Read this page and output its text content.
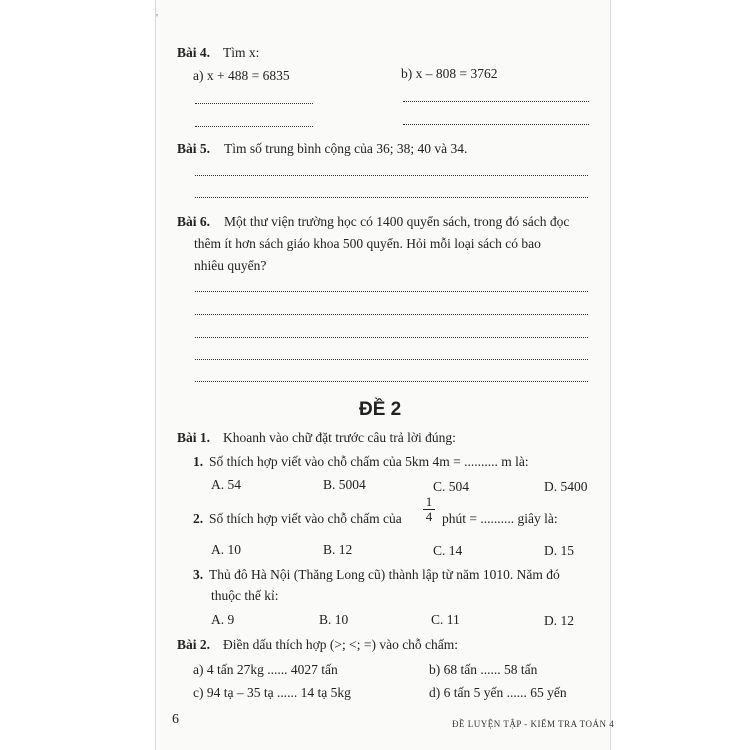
'
Bài 4. Tìm x:
a) x + 488 = 6835	b) x – 808 = 3762
Bài 5. Tìm số trung bình cộng của 36; 38; 40 và 34.
Bài 6. Một thư viện trường học có 1400 quyển sách, trong đó sách đọc
thêm ít hơn sách giáo khoa 500 quyển. Hỏi mỗi loại sách có bao
nhiêu quyển?
ĐỀ 2
Bài 1. Khoanh vào chữ đặt trước câu trả lời đúng:
1. Số thích hợp viết vào chỗ chấm của 5km 4m = .......... m là:
A. 54	B. 5004	C. 504	D. 5400
2. Số thích hợp viết vào chỗ chấm của $\frac{1}{4}$ phút = .......... giây là:
A. 10	B. 12	C. 14	D. 15
3. Thủ đô Hà Nội (Thăng Long cũ) thành lập từ năm 1010. Năm đó
thuộc thế kỉ:
A. 9	B. 10	C. 11	D. 12
Bài 2. Điền dấu thích hợp (>; <; =) vào chỗ chấm:
a) 4 tấn 27kg ...... 4027 tấn	b) 68 tấn ...... 58 tấn
c) 94 tạ – 35 tạ ...... 14 tạ 5kg	d) 6 tấn 5 yến ...... 65 yến
6	ĐỀ LUYỆN TẬP - KIỂM TRA TOÁN 4
